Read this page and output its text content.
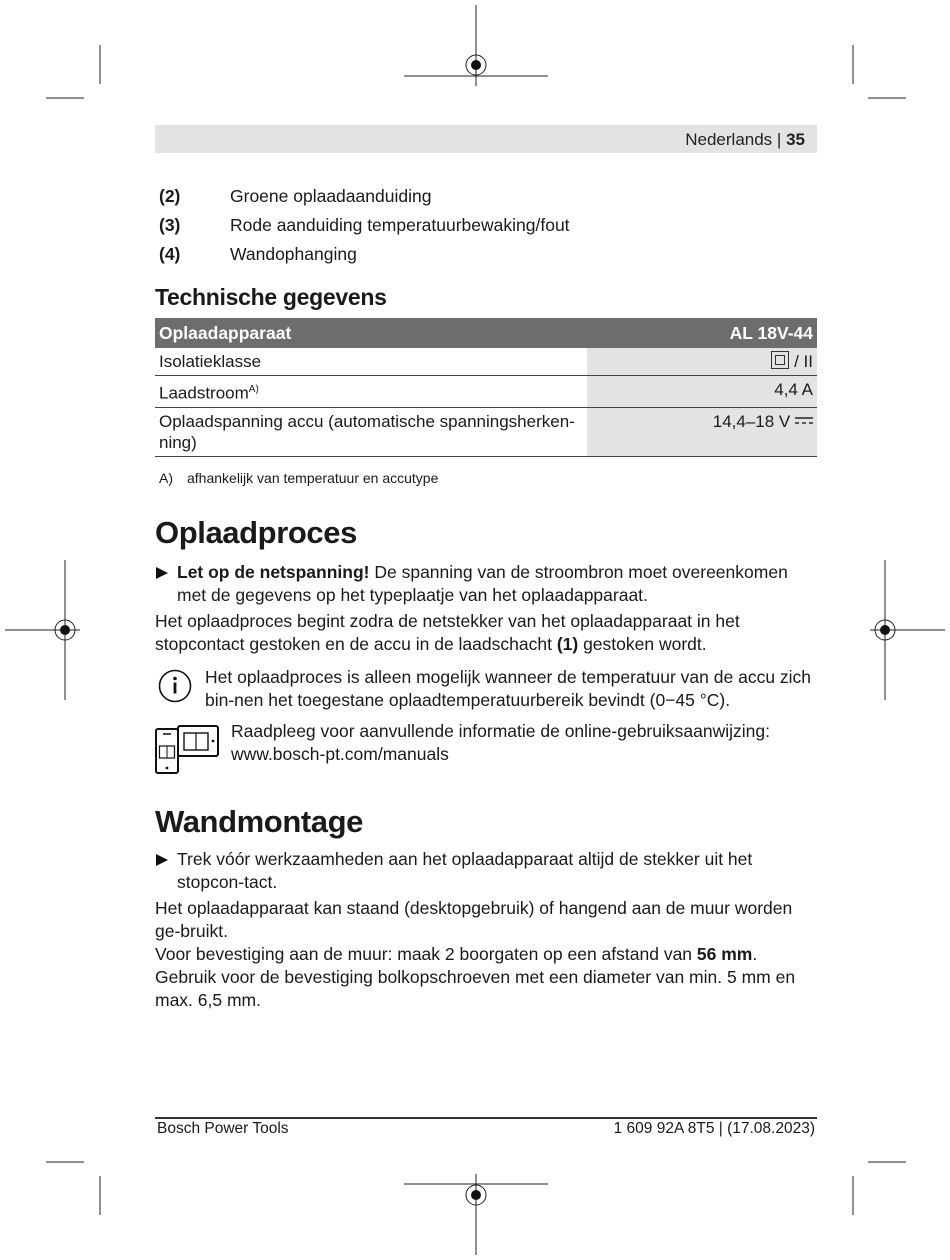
Nederlands | 35
(2)	Groene oplaadaanduiding
(3)	Rode aanduiding temperatuurbewaking/fout
(4)	Wandophanging
Technische gegevens
Oplaadapparaat	AL 18V-44
Isolatieklasse	/ II
Laadstroom$^{A)}$	4,4 A
Oplaadspanning accu (automatische spanningsherken-ning)	14,4–18 V
A) afhankelijk van temperatuur en accutype
Oplaadproces
Let op de netspanning! De spanning van de stroombron moet overeenkomen met de gegevens op het typeplaatje van het oplaadapparaat.
Het oplaadproces begint zodra de netstekker van het oplaadapparaat in het stopcontact gestoken en de accu in de laadschacht (1) gestoken wordt.
Het oplaadproces is alleen mogelijk wanneer de temperatuur van de accu zich bin-nen het toegestane oplaadtemperatuurbereik bevindt (0−45 °C).
Raadpleeg voor aanvullende informatie de online-gebruiksaanwijzing:
www.bosch-pt.com/manuals
Wandmontage
Trek vóór werkzaamheden aan het oplaadapparaat altijd de stekker uit het stopcon-tact.
Het oplaadapparaat kan staand (desktopgebruik) of hangend aan de muur worden ge-bruikt.
Voor bevestiging aan de muur: maak 2 boorgaten op een afstand van 56 mm. Gebruik voor de bevestiging bolkopschroeven met een diameter van min. 5 mm en max. 6,5 mm.
Bosch Power Tools	1 609 92A 8T5 | (17.08.2023)
